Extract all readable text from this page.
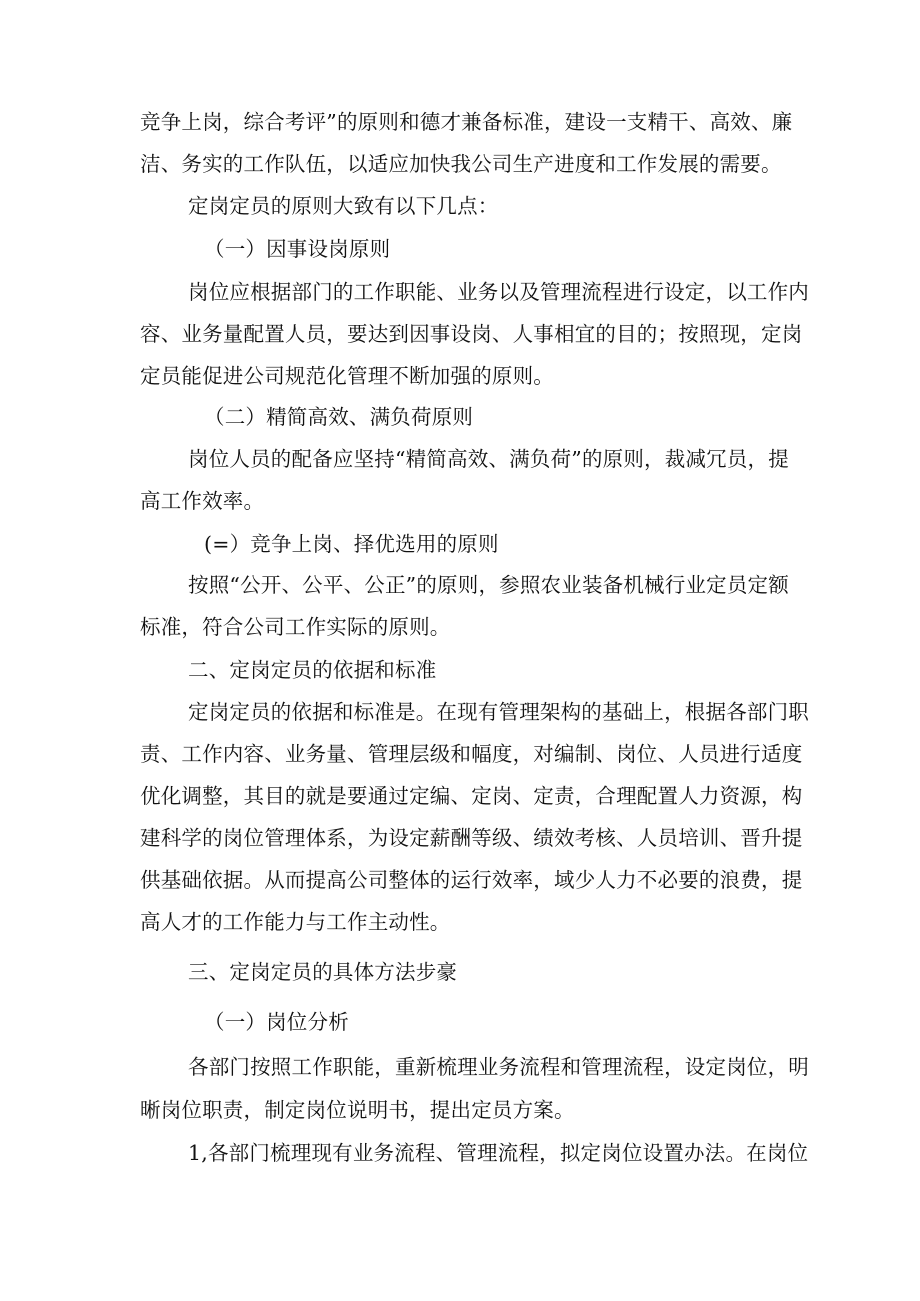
竞争上岗，综合考评”的原则和德才兼备标准，建设一支精干、高效、廉
洁、务实的工作队伍，以适应加快我公司生产进度和工作发展的需要。
定岗定员的原则大致有以下几点：
（一）因事设岗原则
岗位应根据部门的工作职能、业务以及管理流程进行设定，以工作内
容、业务量配置人员，要达到因事设岗、人事相宜的目的；按照现，定岗
定员能促进公司规范化管理不断加强的原则。
（二）精简高效、满负荷原则
岗位人员的配备应坚持“精简高效、满负荷”的原则，裁减冗员，提
高工作效率。
(=）竞争上岗、择优选用的原则
按照“公开、公平、公正”的原则，参照农业装备机械行业定员定额
标准，符合公司工作实际的原则。
二、定岗定员的依据和标准
定岗定员的依据和标准是。在现有管理架构的基础上，根据各部门职
责、工作内容、业务量、管理层级和幅度，对编制、岗位、人员进行适度
优化调整，其目的就是要通过定编、定岗、定责，合理配置人力资源，构
建科学的岗位管理体系，为设定薪酬等级、绩效考核、人员培训、晋升提
供基础依据。从而提高公司整体的运行效率，域少人力不必要的浪费，提
高人才的工作能力与工作主动性。
三、定岗定员的具体方法步豪
（一）岗位分析
各部门按照工作职能，重新梳理业务流程和管理流程，设定岗位，明
晰岗位职责，制定岗位说明书，提出定员方案。
1,各部门梳理现有业务流程、管理流程，拟定岗位设置办法。在岗位
